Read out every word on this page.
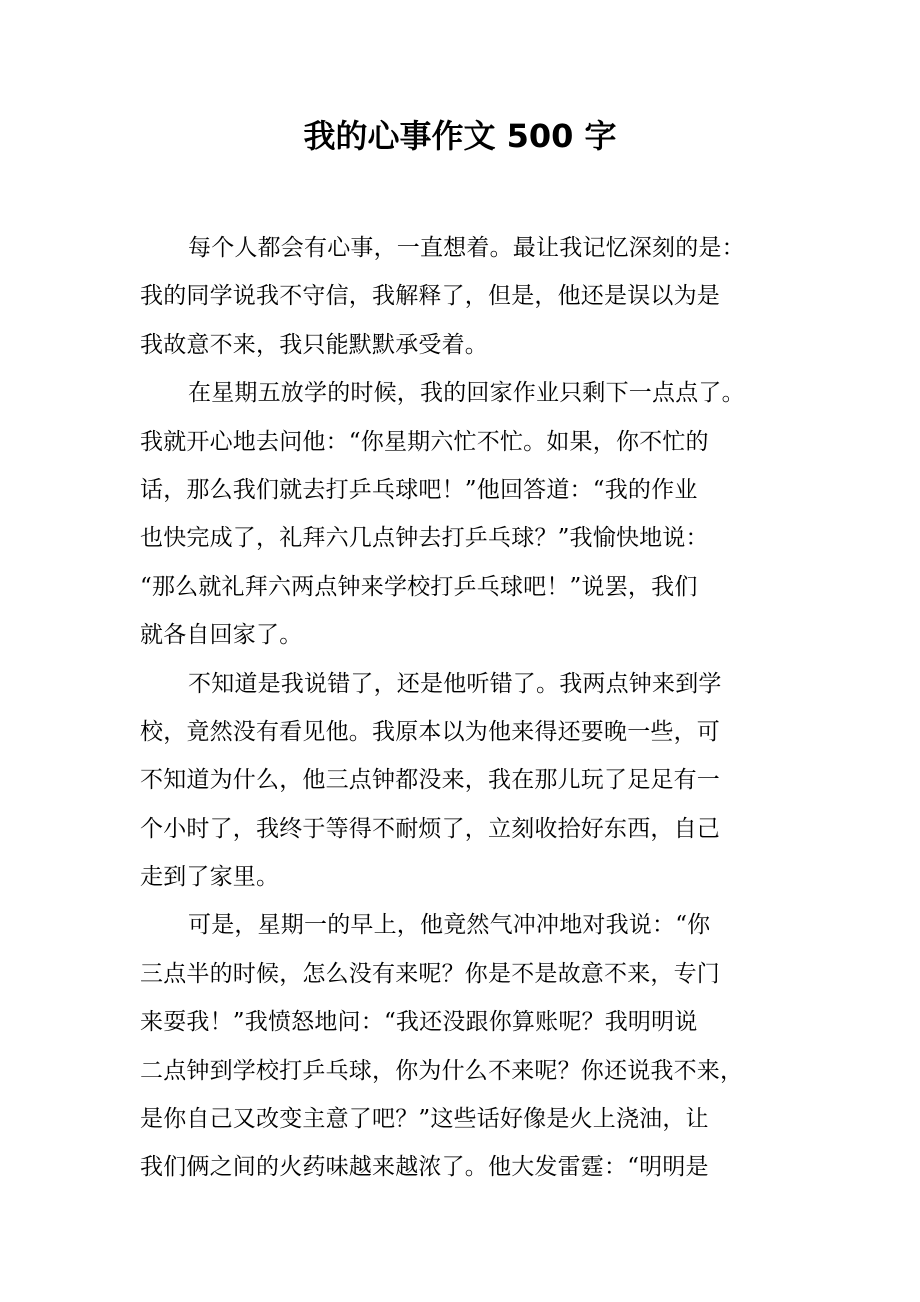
我的心事作文 500 字
每个人都会有心事，一直想着。最让我记忆深刻的是：
我的同学说我不守信，我解释了，但是，他还是误以为是
我故意不来，我只能默默承受着。
在星期五放学的时候，我的回家作业只剩下一点点了。
我就开心地去问他：“你星期六忙不忙。如果，你不忙的
话，那么我们就去打乒乓球吧！”他回答道：“我的作业
也快完成了，礼拜六几点钟去打乒乓球？”我愉快地说：
“那么就礼拜六两点钟来学校打乒乓球吧！”说罢，我们
就各自回家了。
不知道是我说错了，还是他听错了。我两点钟来到学
校，竟然没有看见他。我原本以为他来得还要晚一些，可
不知道为什么，他三点钟都没来，我在那儿玩了足足有一
个小时了，我终于等得不耐烦了，立刻收拾好东西，自己
走到了家里。
可是，星期一的早上，他竟然气冲冲地对我说：“你
三点半的时候，怎么没有来呢？你是不是故意不来，专门
来耍我！”我愤怒地问：“我还没跟你算账呢？我明明说
二点钟到学校打乒乓球，你为什么不来呢？你还说我不来，
是你自己又改变主意了吧？”这些话好像是火上浇油，让
我们俩之间的火药味越来越浓了。他大发雷霆：“明明是
